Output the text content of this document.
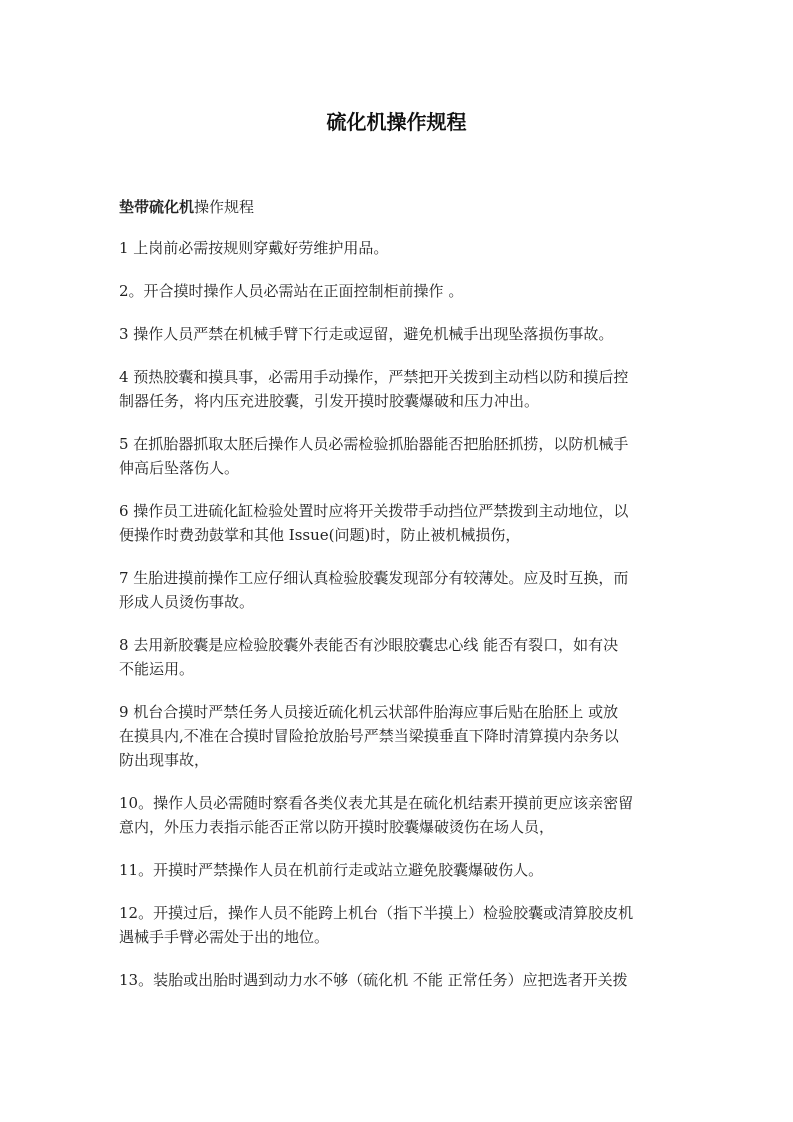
硫化机操作规程
垫带硫化机操作规程
1 上岗前必需按规则穿戴好劳维护用品。
2。开合摸时操作人员必需站在正面控制柜前操作 。
3 操作人员严禁在机械手臂下行走或逗留，避免机械手出现坠落损伤事故。
4 预热胶囊和摸具事，必需用手动操作，严禁把开关拨到主动档以防和摸后控
制器任务，将内压充进胶囊，引发开摸时胶囊爆破和压力冲出。
5 在抓胎器抓取太胚后操作人员必需检验抓胎器能否把胎胚抓捞，以防机械手
伸高后坠落伤人。
6 操作员工进硫化缸检验处置时应将开关拨带手动挡位严禁拨到主动地位，以
便操作时费劲鼓掌和其他 Issue(问题)时，防止被机械损伤，
7 生胎进摸前操作工应仔细认真检验胶囊发现部分有较薄处。应及时互换，而
形成人员烫伤事故。
8 去用新胶囊是应检验胶囊外表能否有沙眼胶囊忠心线 能否有裂口，如有决
不能运用。
9 机台合摸时严禁任务人员接近硫化机云状部件胎海应事后贴在胎胚上 或放
在摸具内,不准在合摸时冒险抢放胎号严禁当梁摸垂直下降时清算摸内杂务以
防出现事故，
10。操作人员必需随时察看各类仪表尤其是在硫化机结素开摸前更应该亲密留
意内，外压力表指示能否正常以防开摸时胶囊爆破烫伤在场人员，
11。开摸时严禁操作人员在机前行走或站立避免胶囊爆破伤人。
12。开摸过后，操作人员不能跨上机台（指下半摸上）检验胶囊或清算胶皮机
遇械手手臂必需处于出的地位。
13。装胎或出胎时遇到动力水不够（硫化机 不能 正常任务）应把选者开关拨
